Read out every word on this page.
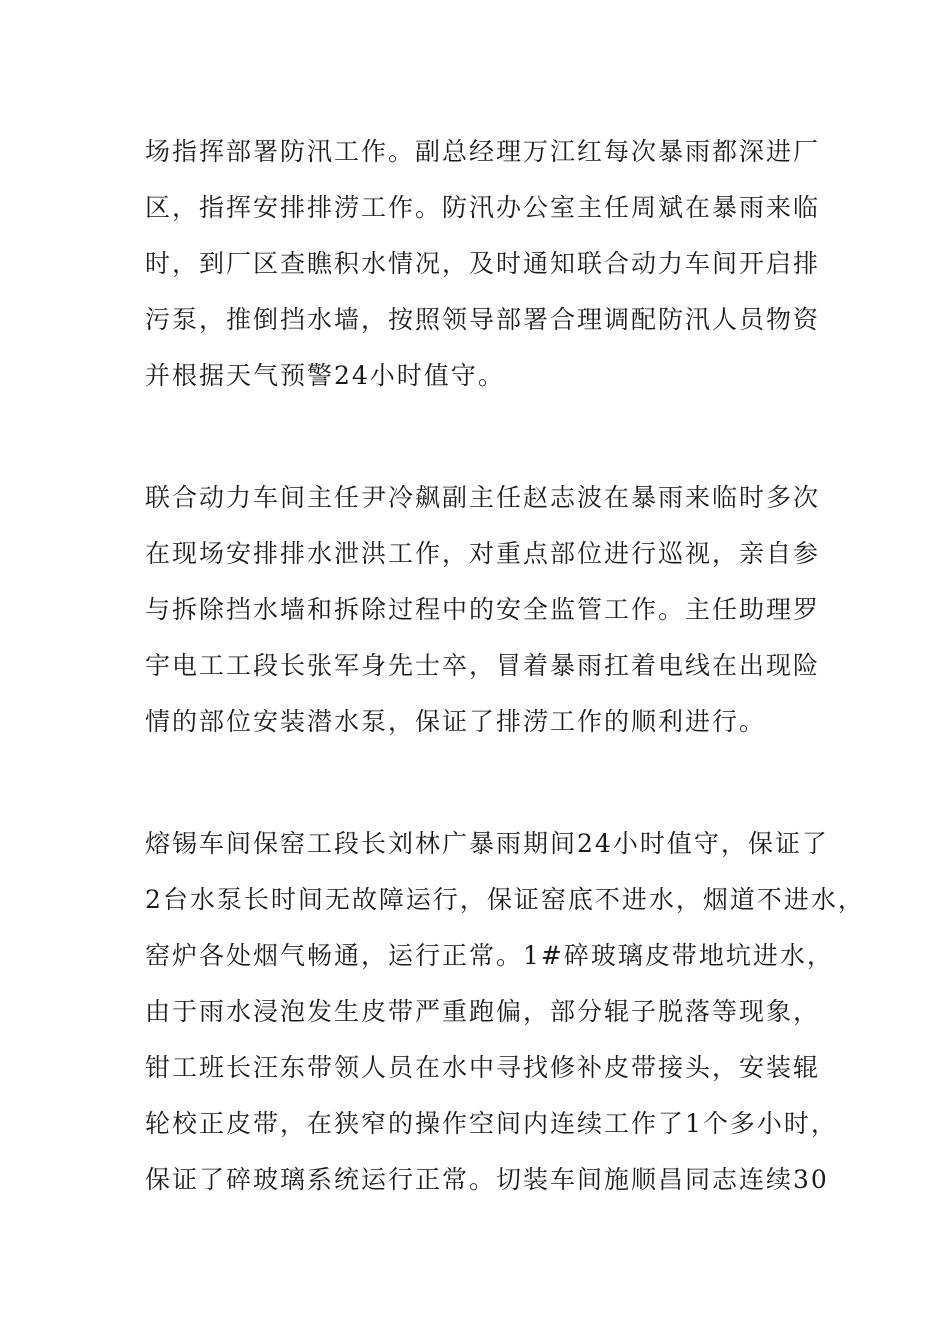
场指挥部署防汛工作。副总经理万江红每次暴雨都深进厂
区，指挥安排排涝工作。防汛办公室主任周斌在暴雨来临
时，到厂区查瞧积水情况，及时通知联合动力车间开启排
污泵，推倒挡水墙，按照领导部署合理调配防汛人员物资
并根据天气预警24小时值守。
联合动力车间主任尹冷飙副主任赵志波在暴雨来临时多次
在现场安排排水泄洪工作，对重点部位进行巡视，亲自参
与拆除挡水墙和拆除过程中的安全监管工作。主任助理罗
宇电工工段长张军身先士卒，冒着暴雨扛着电线在出现险
情的部位安装潜水泵，保证了排涝工作的顺利进行。
熔锡车间保窑工段长刘林广暴雨期间24小时值守，保证了
2台水泵长时间无故障运行，保证窑底不进水，烟道不进水，
窑炉各处烟气畅通，运行正常。1#碎玻璃皮带地坑进水，
由于雨水浸泡发生皮带严重跑偏，部分辊子脱落等现象，
钳工班长汪东带领人员在水中寻找修补皮带接头，安装辊
轮校正皮带，在狭窄的操作空间内连续工作了1个多小时，
保证了碎玻璃系统运行正常。切装车间施顺昌同志连续30
